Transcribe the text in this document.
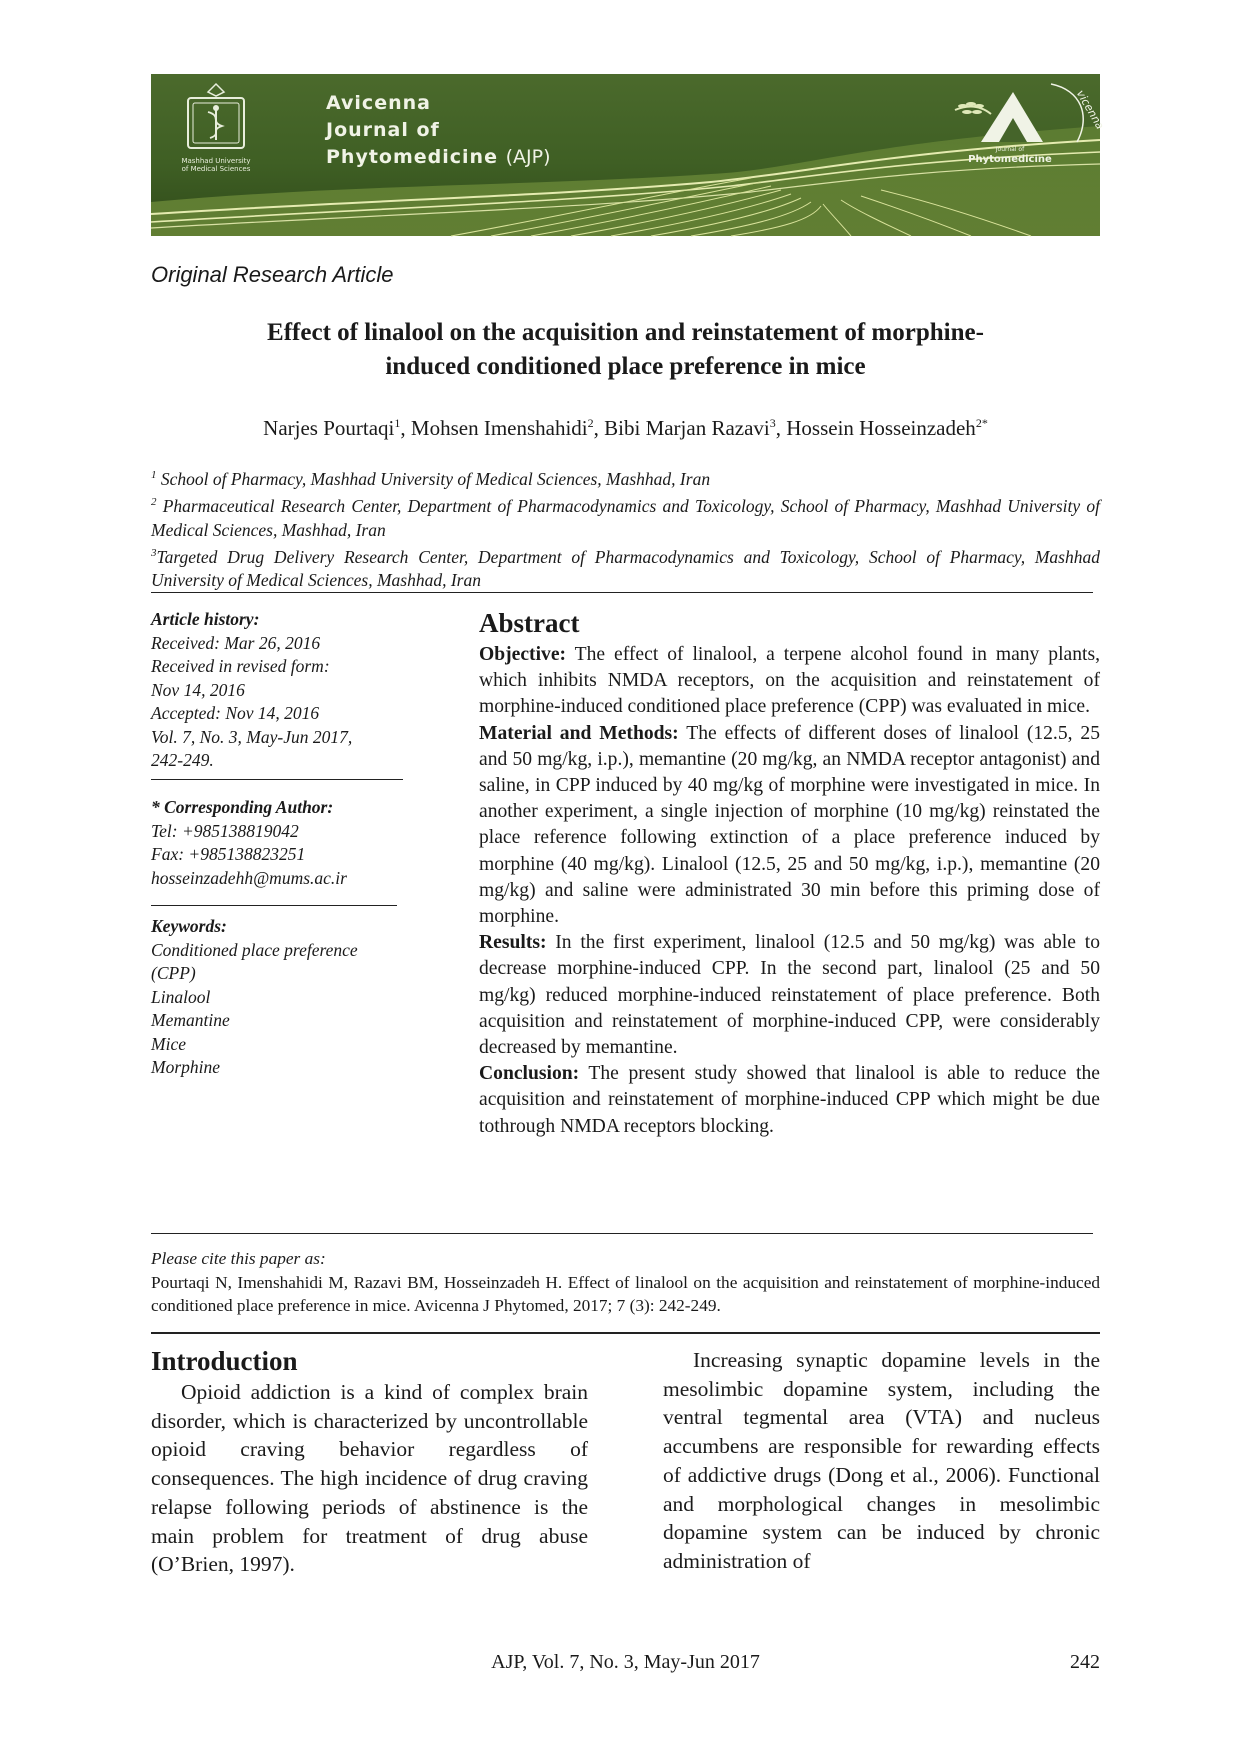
Mashhad University
of Medical Sciences
Avicenna
Journal of
Phytomedicine (AJP)
vicenna
Journal of
Phytomedicine
Original Research Article
Effect of linalool on the acquisition and reinstatement of morphine-
induced conditioned place preference in mice
Narjes Pourtaqi$^1$, Mohsen Imenshahidi$^2$, Bibi Marjan Razavi$^3$, Hossein Hosseinzadeh$^{2*}$
$^1$ School of Pharmacy, Mashhad University of Medical Sciences, Mashhad, Iran
$^2$ Pharmaceutical Research Center, Department of Pharmacodynamics and Toxicology, School of Pharmacy, Mashhad University of Medical Sciences, Mashhad, Iran
$^3$Targeted Drug Delivery Research Center, Department of Pharmacodynamics and Toxicology, School of Pharmacy, Mashhad University of Medical Sciences, Mashhad, Iran
Article history:
Received: Mar 26, 2016
Received in revised form:
Nov 14, 2016
Accepted: Nov 14, 2016
Vol. 7, No. 3, May-Jun 2017,
242-249.
* Corresponding Author:
Tel: +985138819042
Fax: +985138823251
hosseinzadehh@mums.ac.ir
Keywords:
Conditioned place preference
(CPP)
Linalool
Memantine
Mice
Morphine
Abstract

Objective: The effect of linalool, a terpene alcohol found in many plants, which inhibits NMDA receptors, on the acquisition and reinstatement of morphine-induced conditioned place preference (CPP) was evaluated in mice.

Material and Methods: The effects of different doses of linalool (12.5, 25 and 50 mg/kg, i.p.), memantine (20 mg/kg, an NMDA receptor antagonist) and saline, in CPP induced by 40 mg/kg of morphine were investigated in mice. In another experiment, a single injection of morphine (10 mg/kg) reinstated the place reference following extinction of a place preference induced by morphine (40 mg/kg). Linalool (12.5, 25 and 50 mg/kg, i.p.), memantine (20 mg/kg) and saline were administrated 30 min before this priming dose of morphine.

Results: In the first experiment, linalool (12.5 and 50 mg/kg) was able to decrease morphine-induced CPP. In the second part, linalool (25 and 50 mg/kg) reduced morphine-induced reinstatement of place preference. Both acquisition and reinstatement of morphine-induced CPP, were considerably decreased by memantine.

Conclusion: The present study showed that linalool is able to reduce the acquisition and reinstatement of morphine-induced CPP which might be due tothrough NMDA receptors blocking.

Please cite this paper as:
Pourtaqi N, Imenshahidi M, Razavi BM, Hosseinzadeh H. Effect of linalool on the acquisition and reinstatement of morphine-induced conditioned place preference in mice. Avicenna J Phytomed, 2017; 7 (3): 242-249.
Introduction

Opioid addiction is a kind of complex brain disorder, which is characterized by uncontrollable opioid craving behavior regardless of consequences. The high incidence of drug craving relapse following periods of abstinence is the main problem for treatment of drug abuse (O’Brien, 1997).

Increasing synaptic dopamine levels in the mesolimbic dopamine system, including the ventral tegmental area (VTA) and nucleus accumbens are responsible for rewarding effects of addictive drugs (Dong et al., 2006). Functional and morphological changes in mesolimbic dopamine system can be induced by chronic administration of

AJP, Vol. 7, No. 3, May-Jun 2017	242
